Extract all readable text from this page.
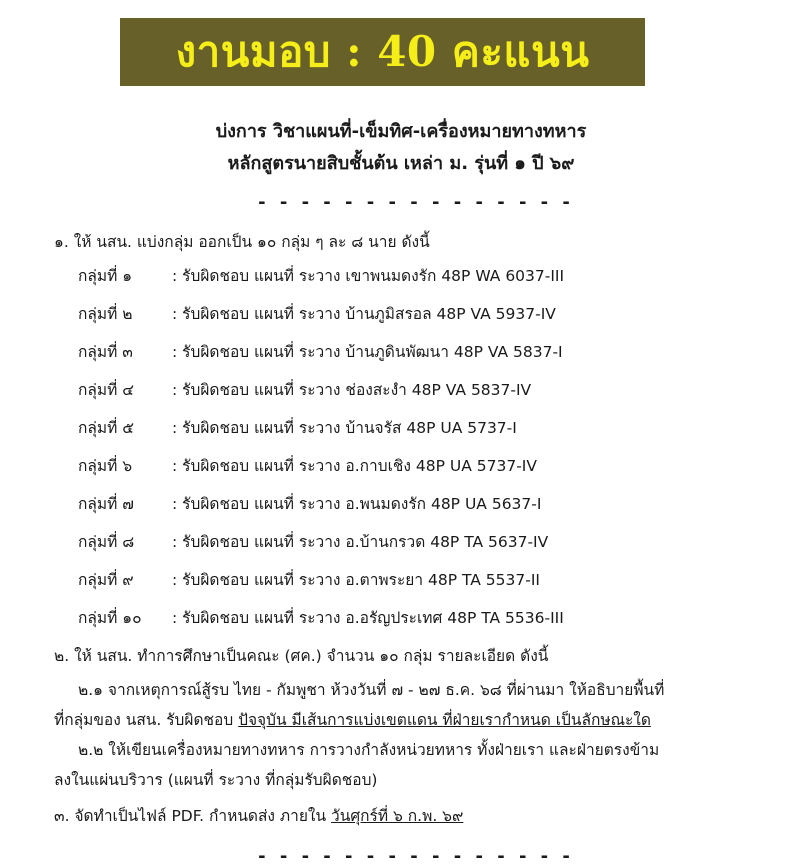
งานมอบ : 40 คะแนน
บ่งการ วิชาแผนที่-เข็มทิศ-เครื่องหมายทางทหาร
หลักสูตรนายสิบชั้นต้น เหล่า ม. รุ่นที่ ๑ ปี ๖๙
- - - - - - - - - - - - - - -
๑. ให้ นสน. แบ่งกลุ่ม ออกเป็น ๑๐ กลุ่ม ๆ ละ ๘ นาย ดังนี้
กลุ่มที่ ๑	: รับผิดชอบ แผนที่ ระวาง เขาพนมดงรัก 48P WA 6037-III
กลุ่มที่ ๒	: รับผิดชอบ แผนที่ ระวาง บ้านภูมิสรอล 48P VA 5937-IV
กลุ่มที่ ๓	: รับผิดชอบ แผนที่ ระวาง บ้านภูดินพัฒนา 48P VA 5837-I
กลุ่มที่ ๔ : รับผิดชอบ แผนที่ ระวาง ช่องสะงำ 48P VA 5837-IV
กลุ่มที่ ๕ : รับผิดชอบ แผนที่ ระวาง บ้านจรัส 48P UA 5737-I
กลุ่มที่ ๖	: รับผิดชอบ แผนที่ ระวาง อ.กาบเชิง 48P UA 5737-IV
กลุ่มที่ ๗ : รับผิดชอบ แผนที่ ระวาง อ.พนมดงรัก 48P UA 5637-I
กลุ่มที่ ๘ : รับผิดชอบ แผนที่ ระวาง อ.บ้านกรวด 48P TA 5637-IV
กลุ่มที่ ๙ : รับผิดชอบ แผนที่ ระวาง อ.ตาพระยา 48P TA 5537-II
กลุ่มที่ ๑๐ : รับผิดชอบ แผนที่ ระวาง อ.อรัญประเทศ 48P TA 5536-III
๒. ให้ นสน. ทำการศึกษาเป็นคณะ (ศค.) จำนวน ๑๐ กลุ่ม รายละเอียด ดังนี้
๒.๑ จากเหตุการณ์สู้รบ ไทย - กัมพูชา ห้วงวันที่ ๗ - ๒๗ ธ.ค. ๖๘ ที่ผ่านมา ให้อธิบายพื้นที่
ที่กลุ่มของ นสน. รับผิดชอบ ปัจจุบัน มีเส้นการแบ่งเขตแดน ที่ฝ่ายเรากำหนด เป็นลักษณะใด
๒.๒ ให้เขียนเครื่องหมายทางทหาร การวางกำลังหน่วยทหาร ทั้งฝ่ายเรา และฝ่ายตรงข้าม
ลงในแผ่นบริวาร (แผนที่ ระวาง ที่กลุ่มรับผิดชอบ)
๓. จัดทำเป็นไฟล์ PDF. กำหนดส่ง ภายใน วันศุกร์ที่ ๖ ก.พ. ๖๙
- - - - - - - - - - - - - - -
